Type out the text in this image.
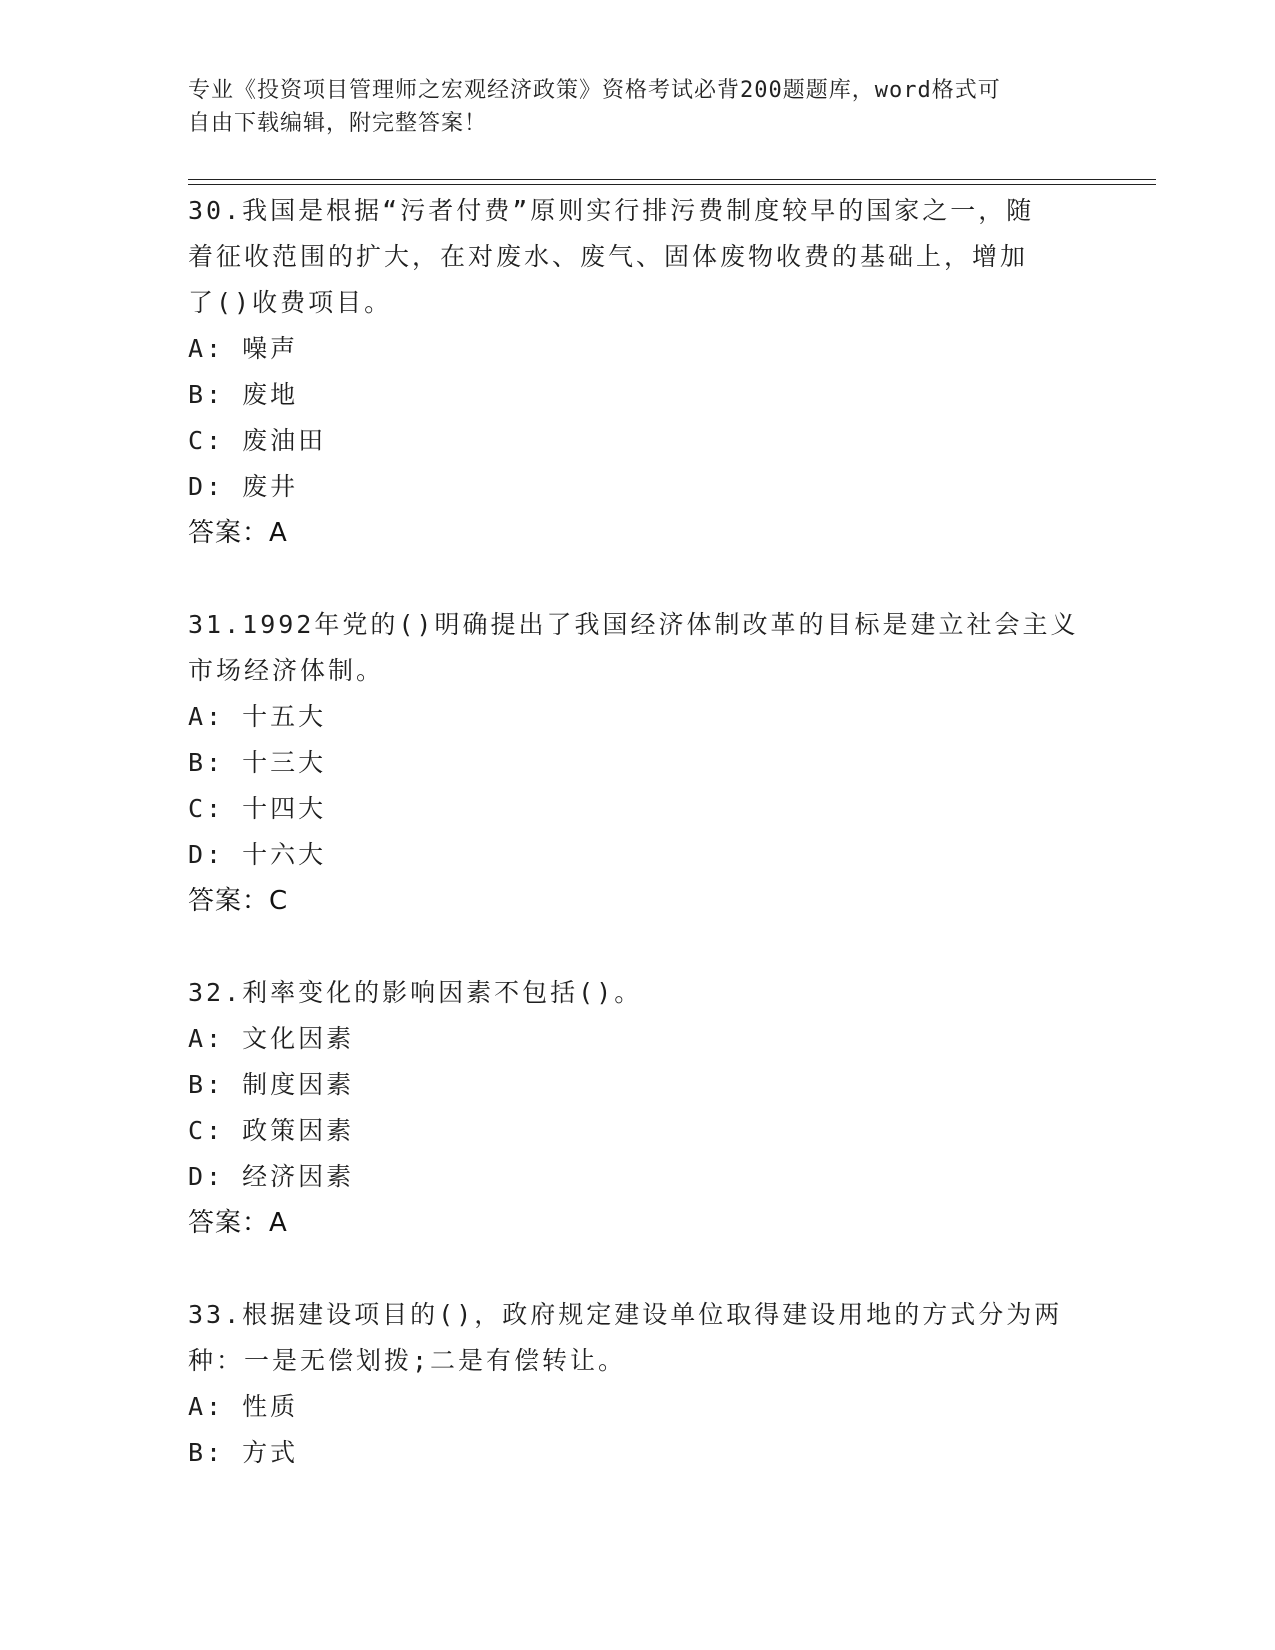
专业《投资项目管理师之宏观经济政策》资格考试必背200题题库，word格式可
自由下载编辑，附完整答案！
30.我国是根据“污者付费”原则实行排污费制度较早的国家之一，随
着征收范围的扩大，在对废水、废气、固体废物收费的基础上，增加
了()收费项目。
A: 噪声
B: 废地
C: 废油田
D: 废井
答案：A
31.1992年党的()明确提出了我国经济体制改革的目标是建立社会主义
市场经济体制。
A: 十五大
B: 十三大
C: 十四大
D: 十六大
答案：C
32.利率变化的影响因素不包括()。
A: 文化因素
B: 制度因素
C: 政策因素
D: 经济因素
答案：A
33.根据建设项目的()，政府规定建设单位取得建设用地的方式分为两
种：一是无偿划拨;二是有偿转让。
A: 性质
B: 方式
